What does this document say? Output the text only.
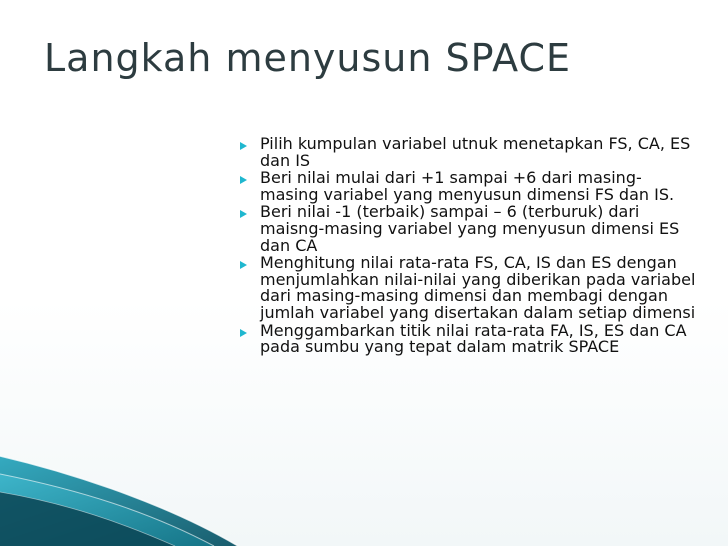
Langkah menyusun SPACE
Pilih kumpulan variabel utnuk menetapkan FS, CA, ES dan IS
Beri nilai mulai dari +1 sampai +6 dari masing-masing variabel yang menyusun dimensi FS dan IS.
Beri nilai -1 (terbaik) sampai – 6 (terburuk) dari maisng-masing variabel yang menyusun dimensi ES dan CA
Menghitung nilai rata-rata FS, CA, IS dan ES dengan menjumlahkan nilai-nilai yang diberikan pada variabel dari masing-masing dimensi dan membagi dengan jumlah variabel yang disertakan dalam setiap dimensi
Menggambarkan titik nilai rata-rata FA, IS, ES dan CA pada sumbu yang tepat dalam matrik SPACE
